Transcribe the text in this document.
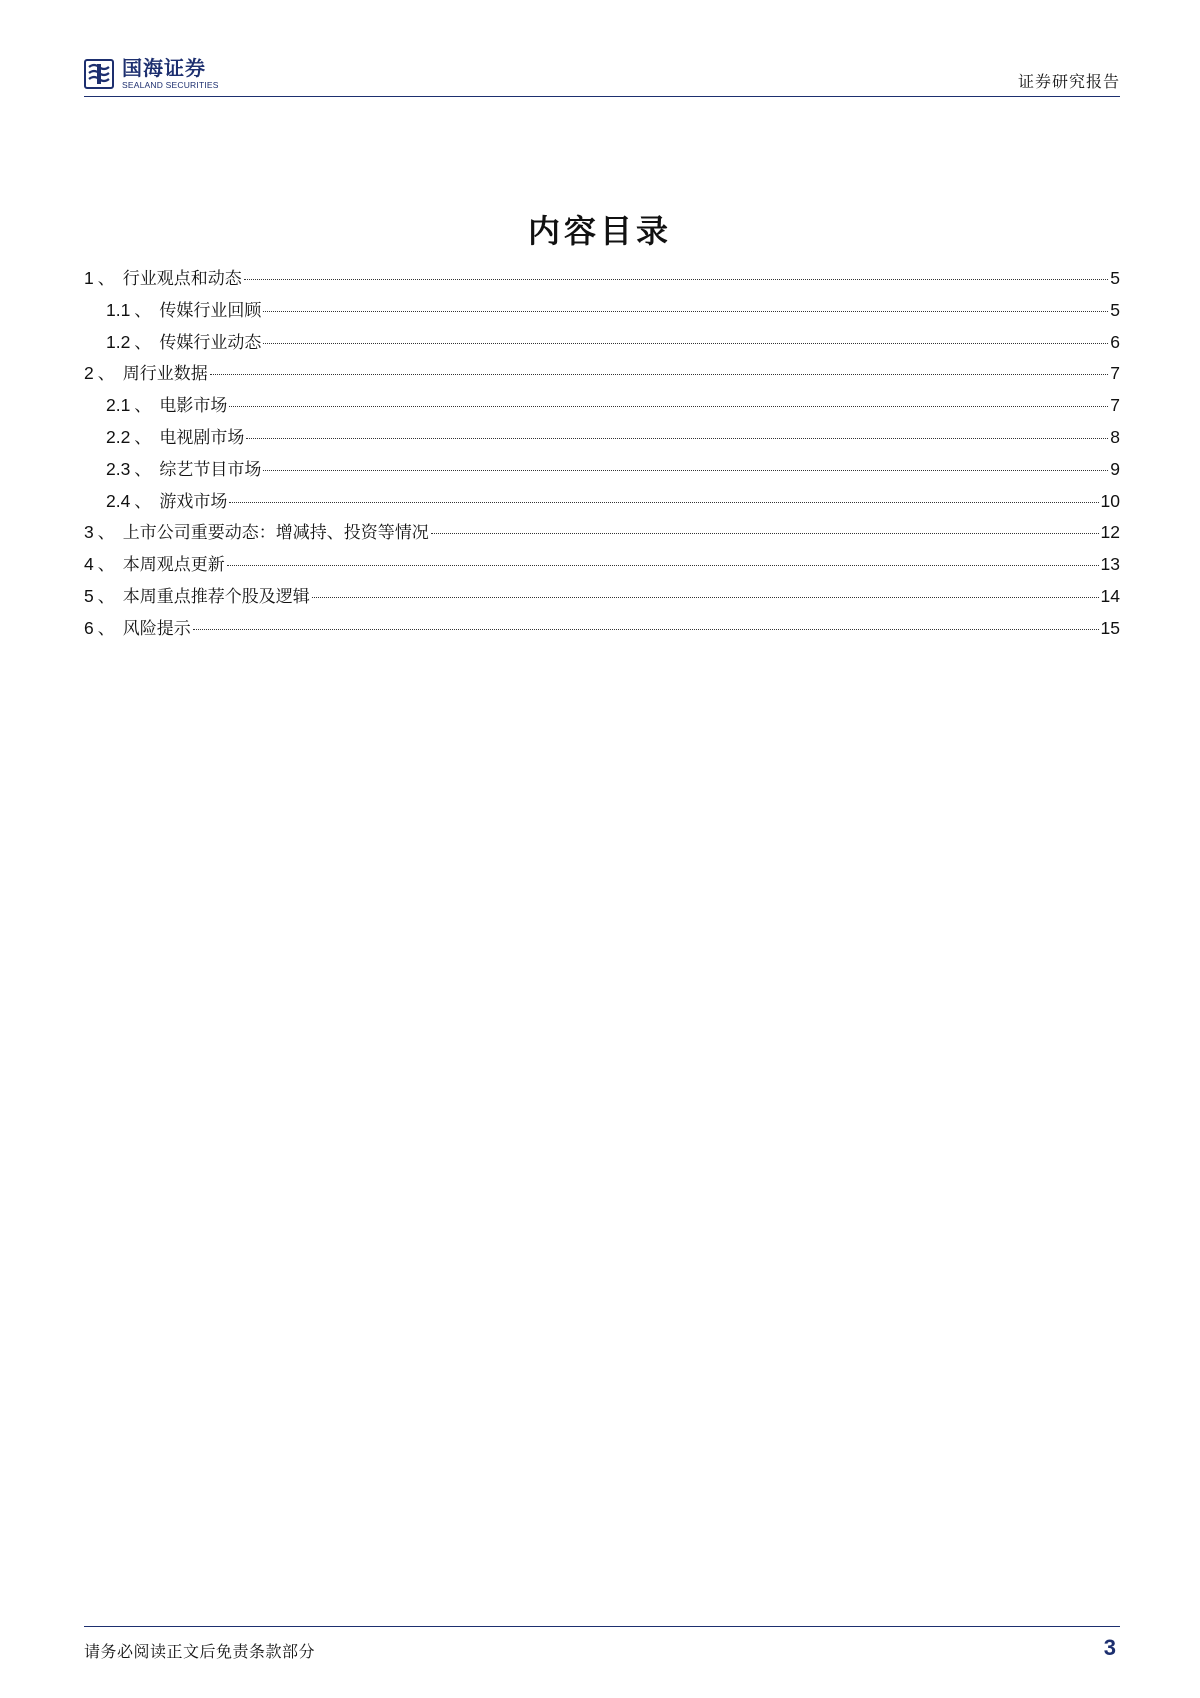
国海证券
SEALAND SECURITIES	证券研究报告
内容目录
1 、 行业观点和动态	5
1.1 、 传媒行业回顾	5
1.2 、 传媒行业动态	6
2 、 周行业数据	7
2.1 、 电影市场	7
2.2 、 电视剧市场	8
2.3 、 综艺节目市场	9
2.4 、 游戏市场	10
3 、 上市公司重要动态：增减持、投资等情况	12
4 、 本周观点更新	13
5 、 本周重点推荐个股及逻辑	14
6 、 风险提示	15
请务必阅读正文后免责条款部分	3
